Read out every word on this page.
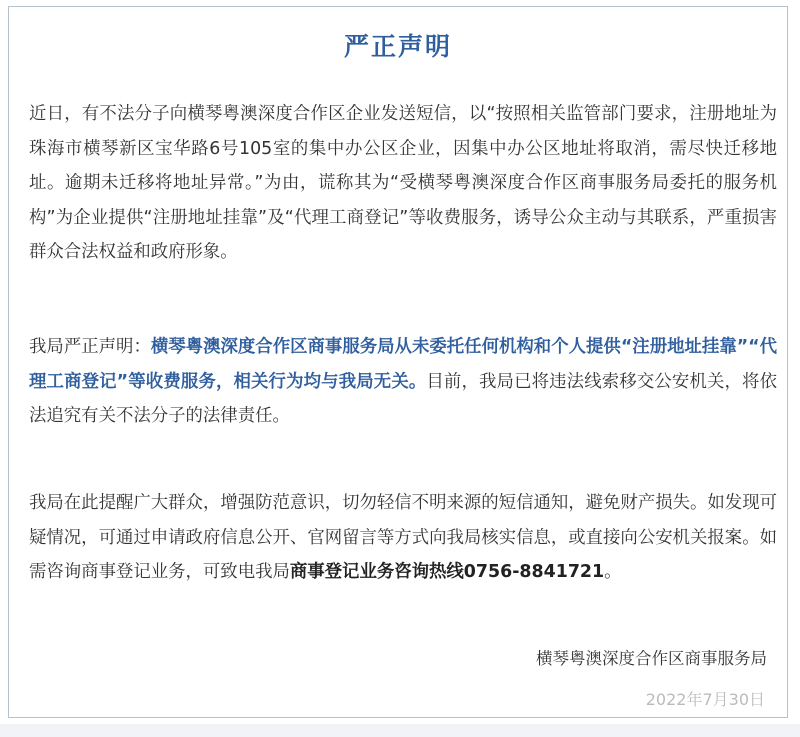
严正声明

近日，有不法分子向横琴粤澳深度合作区企业发送短信，以“按照相关监管部门要求，注册地址为珠海市横琴新区宝华路6号105室的集中办公区企业，因集中办公区地址将取消，需尽快迁移地址。逾期未迁移将地址异常。”为由，谎称其为“受横琴粤澳深度合作区商事服务局委托的服务机构”为企业提供“注册地址挂靠”及“代理工商登记”等收费服务，诱导公众主动与其联系，严重损害群众合法权益和政府形象。

我局严正声明：横琴粤澳深度合作区商事服务局从未委托任何机构和个人提供“注册地址挂靠”“代理工商登记”等收费服务，相关行为均与我局无关。目前，我局已将违法线索移交公安机关，将依法追究有关不法分子的法律责任。

我局在此提醒广大群众，增强防范意识，切勿轻信不明来源的短信通知，避免财产损失。如发现可疑情况，可通过申请政府信息公开、官网留言等方式向我局核实信息，或直接向公安机关报案。如需咨询商事登记业务，可致电我局商事登记业务咨询热线0756-8841721。

横琴粤澳深度合作区商事服务局
2022年7月30日
